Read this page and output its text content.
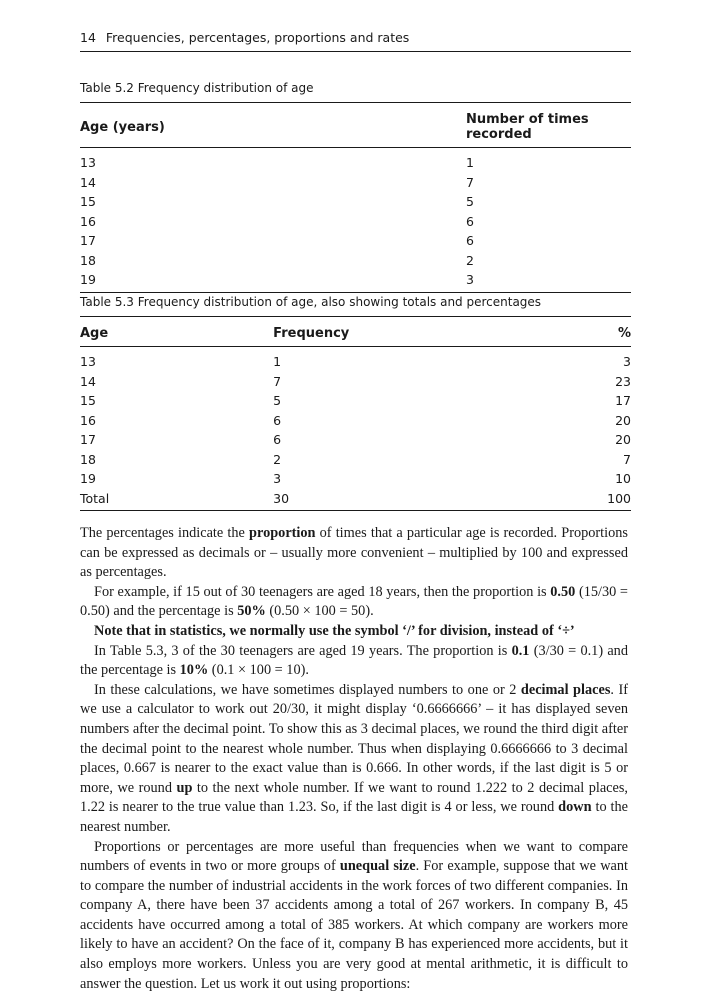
14 Frequencies, percentages, proportions and rates
Table 5.2 Frequency distribution of age
Age (years)	Number of times recorded
13	1
14	7
15	5
16	6
17	6
18	2
19	3
Table 5.3 Frequency distribution of age, also showing totals and percentages
Age	Frequency	%
13	1	3
14	7	23
15	5	17
16	6	20
17	6	20
18	2	7
19	3	10
Total	30	100

The percentages indicate the proportion of times that a particular age is recorded. Proportions can be expressed as decimals or – usually more convenient – multiplied by 100 and expressed as percentages.

For example, if 15 out of 30 teenagers are aged 18 years, then the proportion is 0.50 (15/30 = 0.50) and the percentage is 50% (0.50 × 100 = 50).

Note that in statistics, we normally use the symbol ‘/’ for division, instead of ‘÷’

In Table 5.3, 3 of the 30 teenagers are aged 19 years. The proportion is 0.1 (3/30 = 0.1) and the percentage is 10% (0.1 × 100 = 10).

In these calculations, we have sometimes displayed numbers to one or 2 decimal places. If we use a calculator to work out 20/30, it might display ‘0.6666666’ – it has displayed seven numbers after the decimal point. To show this as 3 decimal places, we round the third digit after the decimal point to the nearest whole number. Thus when displaying 0.6666666 to 3 decimal places, 0.667 is nearer to the exact value than is 0.666. In other words, if the last digit is 5 or more, we round up to the next whole number. If we want to round 1.222 to 2 decimal places, 1.22 is nearer to the true value than 1.23. So, if the last digit is 4 or less, we round down to the nearest number.

Proportions or percentages are more useful than frequencies when we want to compare numbers of events in two or more groups of unequal size. For example, suppose that we want to compare the number of industrial accidents in the work forces of two different companies. In company A, there have been 37 accidents among a total of 267 workers. In company B, 45 accidents have occurred among a total of 385 workers. At which company are workers more likely to have an accident? On the face of it, company B has experienced more accidents, but it also employs more workers. Unless you are very good at mental arithmetic, it is difficult to answer the question. Let us work it out using proportions:
